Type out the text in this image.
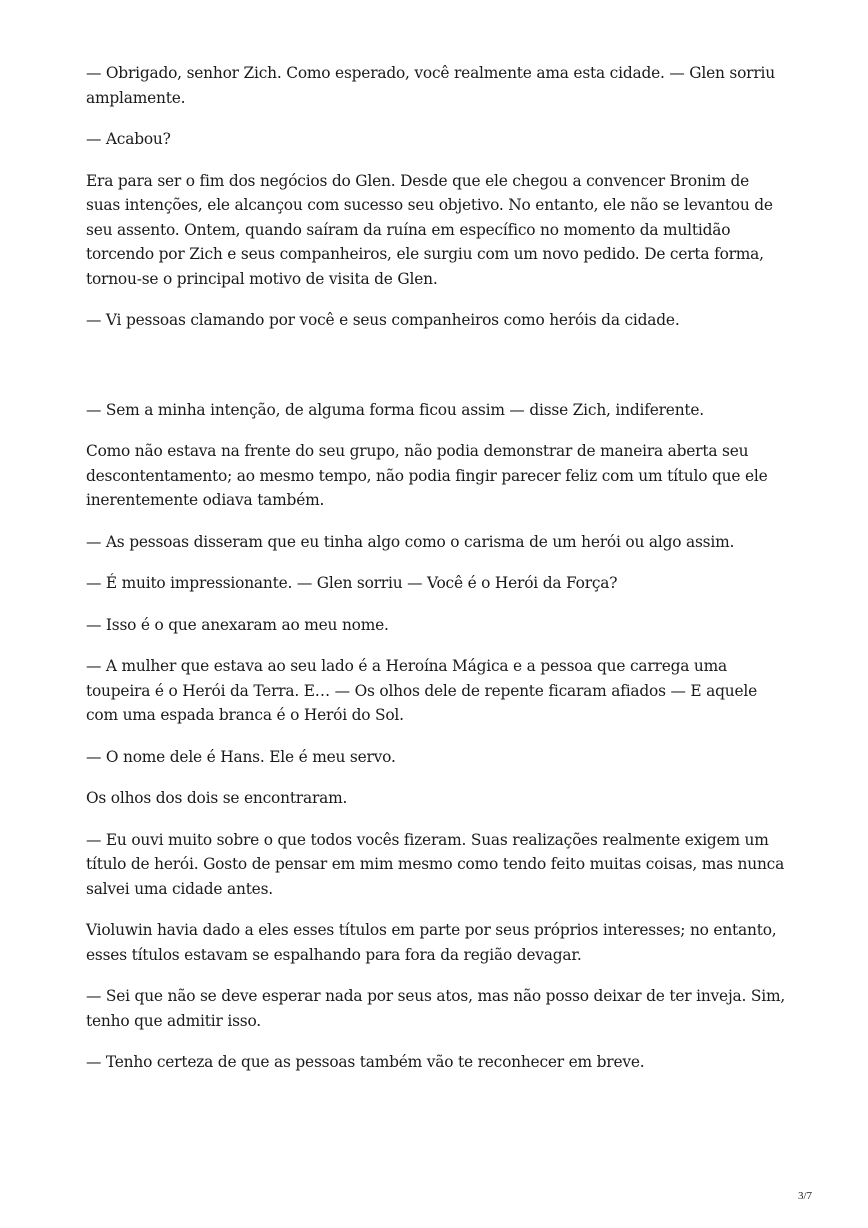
— Obrigado, senhor Zich. Como esperado, você realmente ama esta cidade. — Glen sorriu amplamente.

— Acabou?

Era para ser o fim dos negócios do Glen. Desde que ele chegou a convencer Bronim de suas intenções, ele alcançou com sucesso seu objetivo. No entanto, ele não se levantou de seu assento. Ontem, quando saíram da ruína em específico no momento da multidão torcendo por Zich e seus companheiros, ele surgiu com um novo pedido. De certa forma, tornou-se o principal motivo de visita de Glen.

— Vi pessoas clamando por você e seus companheiros como heróis da cidade.

— Sem a minha intenção, de alguma forma ficou assim — disse Zich, indiferente.

Como não estava na frente do seu grupo, não podia demonstrar de maneira aberta seu descontentamento; ao mesmo tempo, não podia fingir parecer feliz com um título que ele inerentemente odiava também.

— As pessoas disseram que eu tinha algo como o carisma de um herói ou algo assim.

— É muito impressionante. — Glen sorriu — Você é o Herói da Força?

— Isso é o que anexaram ao meu nome.

— A mulher que estava ao seu lado é a Heroína Mágica e a pessoa que carrega uma toupeira é o Herói da Terra. E… — Os olhos dele de repente ficaram afiados — E aquele com uma espada branca é o Herói do Sol.

— O nome dele é Hans. Ele é meu servo.

Os olhos dos dois se encontraram.

— Eu ouvi muito sobre o que todos vocês fizeram. Suas realizações realmente exigem um título de herói. Gosto de pensar em mim mesmo como tendo feito muitas coisas, mas nunca salvei uma cidade antes.

Violuwin havia dado a eles esses títulos em parte por seus próprios interesses; no entanto, esses títulos estavam se espalhando para fora da região devagar.

— Sei que não se deve esperar nada por seus atos, mas não posso deixar de ter inveja. Sim, tenho que admitir isso.

— Tenho certeza de que as pessoas também vão te reconhecer em breve.

3/7
